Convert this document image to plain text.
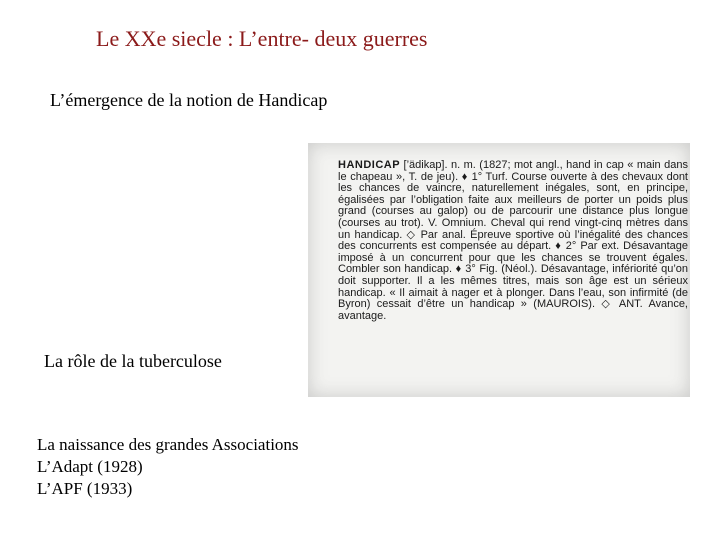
Le XXe siecle : L’entre- deux guerres
L’émergence de la notion de Handicap
HANDICAP [’ädikap]. n. m. (1827; mot angl., hand in cap « main dans le chapeau », T. de jeu). ♦ 1° Turf. Course ouverte à des chevaux dont les chances de vaincre, naturellement inégales, sont, en principe, égalisées par l’obligation faite aux meilleurs de porter un poids plus grand (courses au galop) ou de parcourir une distance plus longue (courses au trot). V. Omnium. Cheval qui rend vingt-cinq mètres dans un handicap. ◇ Par anal. Épreuve sportive où l’inégalité des chances des concurrents est compensée au départ. ♦ 2° Par ext. Désavantage imposé à un concurrent pour que les chances se trouvent égales. Combler son handicap. ♦ 3° Fig. (Néol.). Désavantage, infériorité qu’on doit supporter. Il a les mêmes titres, mais son âge est un sérieux handicap. « Il aimait à nager et à plonger. Dans l’eau, son infirmité (de Byron) cessait d’être un handicap » (MAUROIS). ◇ ANT. Avance, avantage.
La rôle de la tuberculose
La naissance des grandes Associations
L’Adapt (1928)
L’APF (1933)
